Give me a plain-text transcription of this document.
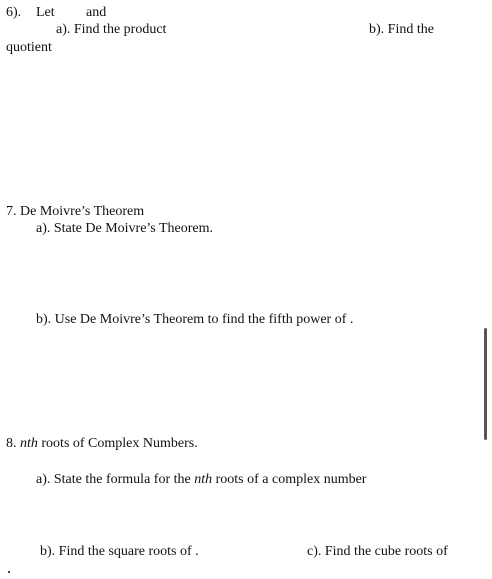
6). Let and
a). Find the product	b). Find the
quotient
7. De Moivre’s Theorem
a). State De Moivre’s Theorem.
b). Use De Moivre’s Theorem to find the fifth power of .
8. nth roots of Complex Numbers.
a). State the formula for the nth roots of a complex number
b). Find the square roots of .	c). Find the cube roots of
